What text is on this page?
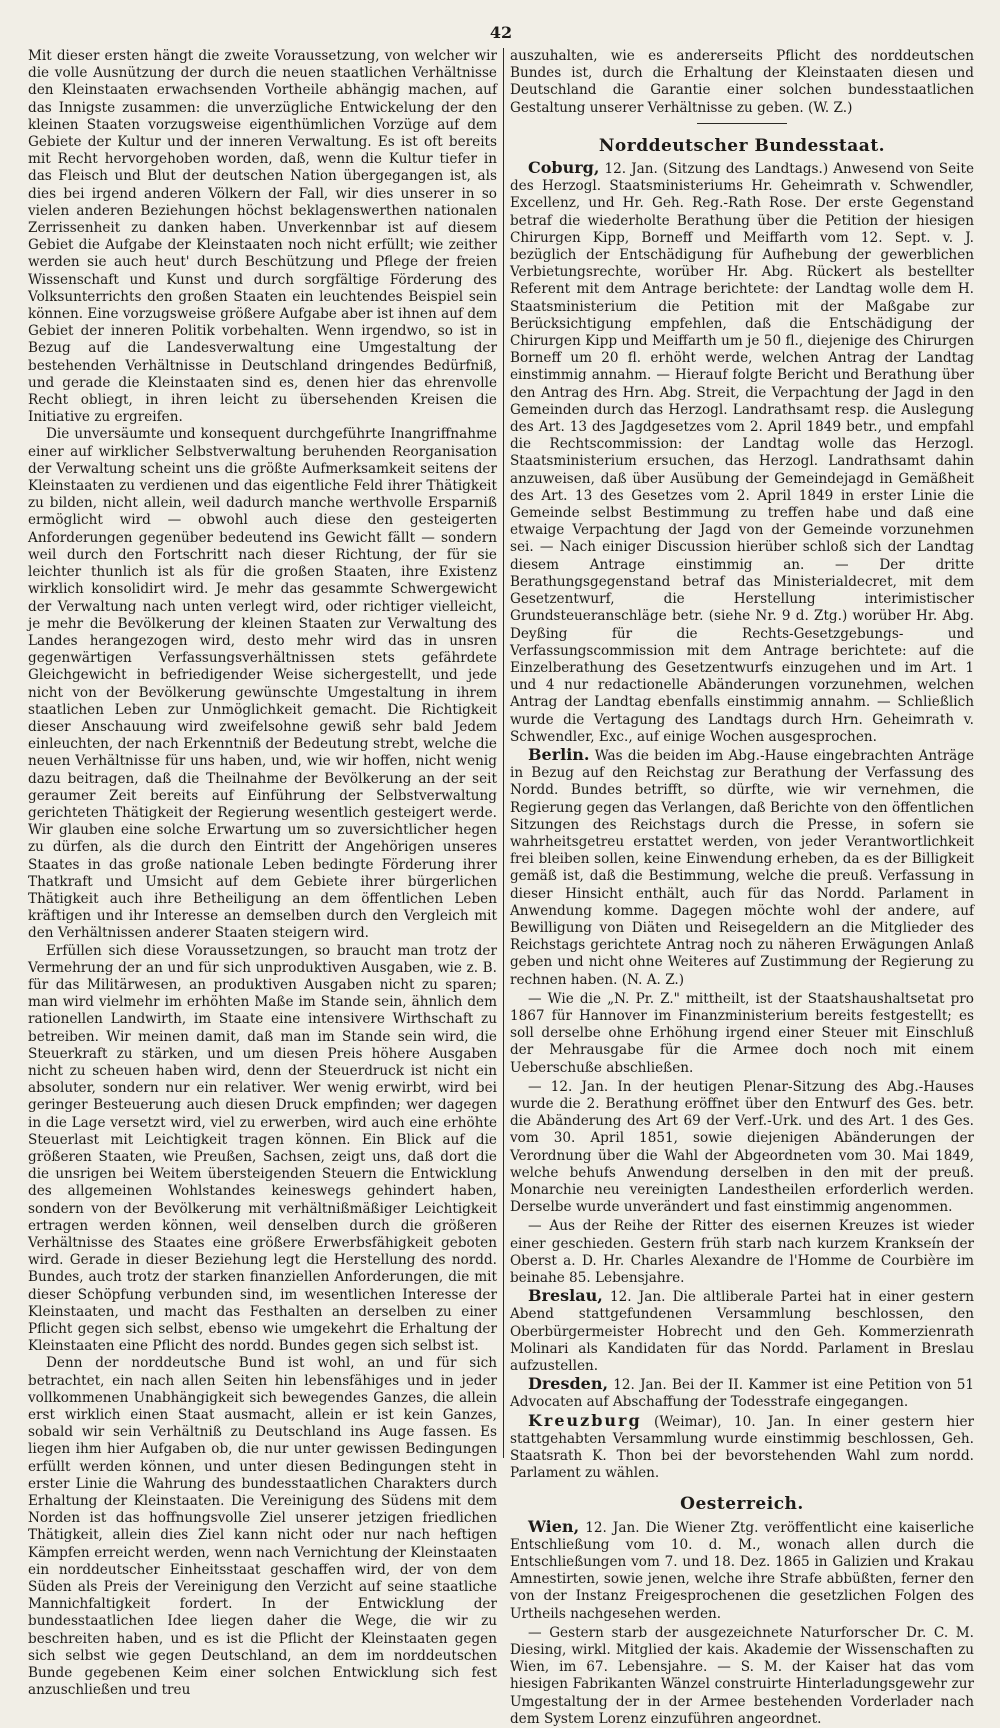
42

Mit dieser ersten hängt die zweite Voraussetzung, von welcher wir die volle Ausnützung der durch die neuen staatlichen Verhältnisse den Kleinstaaten erwachsenden Vortheile abhängig machen, auf das Innigste zusammen: die unverzügliche Entwickelung der den kleinen Staaten vorzugsweise eigenthümlichen Vorzüge auf dem Gebiete der Kultur und der inneren Verwaltung. Es ist oft bereits mit Recht hervorgehoben worden, daß, wenn die Kultur tiefer in das Fleisch und Blut der deutschen Nation übergegangen ist, als dies bei irgend anderen Völkern der Fall, wir dies unserer in so vielen anderen Beziehungen höchst beklagenswerthen nationalen Zerrissenheit zu danken haben. Unverkennbar ist auf diesem Gebiet die Aufgabe der Kleinstaaten noch nicht erfüllt; wie zeither werden sie auch heut' durch Beschützung und Pflege der freien Wissenschaft und Kunst und durch sorgfältige Förderung des Volksunterrichts den großen Staaten ein leuchtendes Beispiel sein können. Eine vorzugsweise größere Aufgabe aber ist ihnen auf dem Gebiet der inneren Politik vorbehalten. Wenn irgendwo, so ist in Bezug auf die Landesverwaltung eine Umgestaltung der bestehenden Verhältnisse in Deutschland dringendes Bedürfniß, und gerade die Kleinstaaten sind es, denen hier das ehrenvolle Recht obliegt, in ihren leicht zu übersehenden Kreisen die Initiative zu ergreifen.

Die unversäumte und konsequent durchgeführte Inangriffnahme einer auf wirklicher Selbstverwaltung beruhenden Reorganisation der Verwaltung scheint uns die größte Aufmerksamkeit seitens der Kleinstaaten zu verdienen und das eigentliche Feld ihrer Thätigkeit zu bilden, nicht allein, weil dadurch manche werthvolle Ersparniß ermöglicht wird — obwohl auch diese den gesteigerten Anforderungen gegenüber bedeutend ins Gewicht fällt — sondern weil durch den Fortschritt nach dieser Richtung, der für sie leichter thunlich ist als für die großen Staaten, ihre Existenz wirklich konsolidirt wird. Je mehr das gesammte Schwergewicht der Verwaltung nach unten verlegt wird, oder richtiger vielleicht, je mehr die Bevölkerung der kleinen Staaten zur Verwaltung des Landes herangezogen wird, desto mehr wird das in unsren gegenwärtigen Verfassungsverhältnissen stets gefährdete Gleichgewicht in befriedigender Weise sichergestellt, und jede nicht von der Bevölkerung gewünschte Umgestaltung in ihrem staatlichen Leben zur Unmöglichkeit gemacht. Die Richtigkeit dieser Anschauung wird zweifelsohne gewiß sehr bald Jedem einleuchten, der nach Erkenntniß der Bedeutung strebt, welche die neuen Verhältnisse für uns haben, und, wie wir hoffen, nicht wenig dazu beitragen, daß die Theilnahme der Bevölkerung an der seit geraumer Zeit bereits auf Einführung der Selbstverwaltung gerichteten Thätigkeit der Regierung wesentlich gesteigert werde. Wir glauben eine solche Erwartung um so zuversichtlicher hegen zu dürfen, als die durch den Eintritt der Angehörigen unseres Staates in das große nationale Leben bedingte Förderung ihrer Thatkraft und Umsicht auf dem Gebiete ihrer bürgerlichen Thätigkeit auch ihre Betheiligung an dem öffentlichen Leben kräftigen und ihr Interesse an demselben durch den Vergleich mit den Verhältnissen anderer Staaten steigern wird.

Erfüllen sich diese Voraussetzungen, so braucht man trotz der Vermehrung der an und für sich unproduktiven Ausgaben, wie z. B. für das Militärwesen, an produktiven Ausgaben nicht zu sparen; man wird vielmehr im erhöhten Maße im Stande sein, ähnlich dem rationellen Landwirth, im Staate eine intensivere Wirthschaft zu betreiben. Wir meinen damit, daß man im Stande sein wird, die Steuerkraft zu stärken, und um diesen Preis höhere Ausgaben nicht zu scheuen haben wird, denn der Steuerdruck ist nicht ein absoluter, sondern nur ein relativer. Wer wenig erwirbt, wird bei geringer Besteuerung auch diesen Druck empfinden; wer dagegen in die Lage versetzt wird, viel zu erwerben, wird auch eine erhöhte Steuerlast mit Leichtigkeit tragen können. Ein Blick auf die größeren Staaten, wie Preußen, Sachsen, zeigt uns, daß dort die die unsrigen bei Weitem übersteigenden Steuern die Entwicklung des allgemeinen Wohlstandes keineswegs gehindert haben, sondern von der Bevölkerung mit verhältnißmäßiger Leichtigkeit ertragen werden können, weil denselben durch die größeren Verhältnisse des Staates eine größere Erwerbsfähigkeit geboten wird. Gerade in dieser Beziehung legt die Herstellung des nordd. Bundes, auch trotz der starken finanziellen Anforderungen, die mit dieser Schöpfung verbunden sind, im wesentlichen Interesse der Kleinstaaten, und macht das Festhalten an derselben zu einer Pflicht gegen sich selbst, ebenso wie umgekehrt die Erhaltung der Kleinstaaten eine Pflicht des nordd. Bundes gegen sich selbst ist.

Denn der norddeutsche Bund ist wohl, an und für sich betrachtet, ein nach allen Seiten hin lebensfähiges und in jeder vollkommenen Unabhängigkeit sich bewegendes Ganzes, die allein erst wirklich einen Staat ausmacht, allein er ist kein Ganzes, sobald wir sein Verhältniß zu Deutschland ins Auge fassen. Es liegen ihm hier Aufgaben ob, die nur unter gewissen Bedingungen erfüllt werden können, und unter diesen Bedingungen steht in erster Linie die Wahrung des bundesstaatlichen Charakters durch Erhaltung der Kleinstaaten. Die Vereinigung des Südens mit dem Norden ist das hoffnungsvolle Ziel unserer jetzigen friedlichen Thätigkeit, allein dies Ziel kann nicht oder nur nach heftigen Kämpfen erreicht werden, wenn nach Vernichtung der Kleinstaaten ein norddeutscher Einheitsstaat geschaffen wird, der von dem Süden als Preis der Vereinigung den Verzicht auf seine staatliche Mannichfaltigkeit fordert. In der Entwicklung der bundesstaatlichen Idee liegen daher die Wege, die wir zu beschreiten haben, und es ist die Pflicht der Kleinstaaten gegen sich selbst wie gegen Deutschland, an dem im norddeutschen Bunde gegebenen Keim einer solchen Entwicklung sich fest anzuschließen und treu

auszuhalten, wie es andererseits Pflicht des norddeutschen Bundes ist, durch die Erhaltung der Kleinstaaten diesen und Deutschland die Garantie einer solchen bundesstaatlichen Gestaltung unserer Verhältnisse zu geben. (W. Z.)

Norddeutscher Bundesstaat.

Coburg, 12. Jan. (Sitzung des Landtags.) Anwesend von Seite des Herzogl. Staatsministeriums Hr. Geheimrath v. Schwendler, Excellenz, und Hr. Geh. Reg.-Rath Rose. Der erste Gegenstand betraf die wiederholte Berathung über die Petition der hiesigen Chirurgen Kipp, Borneff und Meiffarth vom 12. Sept. v. J. bezüglich der Entschädigung für Aufhebung der gewerblichen Verbietungsrechte, worüber Hr. Abg. Rückert als bestellter Referent mit dem Antrage berichtete: der Landtag wolle dem H. Staatsministerium die Petition mit der Maßgabe zur Berücksichtigung empfehlen, daß die Entschädigung der Chirurgen Kipp und Meiffarth um je 50 fl., diejenige des Chirurgen Borneff um 20 fl. erhöht werde, welchen Antrag der Landtag einstimmig annahm. — Hierauf folgte Bericht und Berathung über den Antrag des Hrn. Abg. Streit, die Verpachtung der Jagd in den Gemeinden durch das Herzogl. Landrathsamt resp. die Auslegung des Art. 13 des Jagdgesetzes vom 2. April 1849 betr., und empfahl die Rechtscommission: der Landtag wolle das Herzogl. Staatsministerium ersuchen, das Herzogl. Landrathsamt dahin anzuweisen, daß über Ausübung der Gemeindejagd in Gemäßheit des Art. 13 des Gesetzes vom 2. April 1849 in erster Linie die Gemeinde selbst Bestimmung zu treffen habe und daß eine etwaige Verpachtung der Jagd von der Gemeinde vorzunehmen sei. — Nach einiger Discussion hierüber schloß sich der Landtag diesem Antrage einstimmig an. — Der dritte Berathungsgegenstand betraf das Ministerialdecret, mit dem Gesetzentwurf, die Herstellung interimistischer Grundsteueranschläge betr. (siehe Nr. 9 d. Ztg.) worüber Hr. Abg. Deyßing für die Rechts-Gesetzgebungs- und Verfassungscommission mit dem Antrage berichtete: auf die Einzelberathung des Gesetzentwurfs einzugehen und im Art. 1 und 4 nur redactionelle Abänderungen vorzunehmen, welchen Antrag der Landtag ebenfalls einstimmig annahm. — Schließlich wurde die Vertagung des Landtags durch Hrn. Geheimrath v. Schwendler, Exc., auf einige Wochen ausgesprochen.

Berlin. Was die beiden im Abg.-Hause eingebrachten Anträge in Bezug auf den Reichstag zur Berathung der Verfassung des Nordd. Bundes betrifft, so dürfte, wie wir vernehmen, die Regierung gegen das Verlangen, daß Berichte von den öffentlichen Sitzungen des Reichstags durch die Presse, in sofern sie wahrheitsgetreu erstattet werden, von jeder Verantwortlichkeit frei bleiben sollen, keine Einwendung erheben, da es der Billigkeit gemäß ist, daß die Bestimmung, welche die preuß. Verfassung in dieser Hinsicht enthält, auch für das Nordd. Parlament in Anwendung komme. Dagegen möchte wohl der andere, auf Bewilligung von Diäten und Reisegeldern an die Mitglieder des Reichstags gerichtete Antrag noch zu näheren Erwägungen Anlaß geben und nicht ohne Weiteres auf Zustimmung der Regierung zu rechnen haben. (N. A. Z.)

— Wie die „N. Pr. Z." mittheilt, ist der Staatshaushaltsetat pro 1867 für Hannover im Finanzministerium bereits festgestellt; es soll derselbe ohne Erhöhung irgend einer Steuer mit Einschluß der Mehrausgabe für die Armee doch noch mit einem Ueberschuße abschließen.

— 12. Jan. In der heutigen Plenar-Sitzung des Abg.-Hauses wurde die 2. Berathung eröffnet über den Entwurf des Ges. betr. die Abänderung des Art 69 der Verf.-Urk. und des Art. 1 des Ges. vom 30. April 1851, sowie diejenigen Abänderungen der Verordnung über die Wahl der Abgeordneten vom 30. Mai 1849, welche behufs Anwendung derselben in den mit der preuß. Monarchie neu vereinigten Landestheilen erforderlich werden. Derselbe wurde unverändert und fast einstimmig angenommen.

— Aus der Reihe der Ritter des eisernen Kreuzes ist wieder einer geschieden. Gestern früh starb nach kurzem Krankseín der Oberst a. D. Hr. Charles Alexandre de l'Homme de Courbière im beinahe 85. Lebensjahre.

Breslau, 12. Jan. Die altliberale Partei hat in einer gestern Abend stattgefundenen Versammlung beschlossen, den Oberbürgermeister Hobrecht und den Geh. Kommerzienrath Molinari als Kandidaten für das Nordd. Parlament in Breslau aufzustellen.

Dresden, 12. Jan. Bei der II. Kammer ist eine Petition von 51 Advocaten auf Abschaffung der Todesstrafe eingegangen.

Kreuzburg (Weimar), 10. Jan. In einer gestern hier stattgehabten Versammlung wurde einstimmig beschlossen, Geh. Staatsrath K. Thon bei der bevorstehenden Wahl zum nordd. Parlament zu wählen.

Oesterreich.

Wien, 12. Jan. Die Wiener Ztg. veröffentlicht eine kaiserliche Entschließung vom 10. d. M., wonach allen durch die Entschließungen vom 7. und 18. Dez. 1865 in Galizien und Krakau Amnestirten, sowie jenen, welche ihre Strafe abbüßten, ferner den von der Instanz Freigesprochenen die gesetzlichen Folgen des Urtheils nachgesehen werden.

— Gestern starb der ausgezeichnete Naturforscher Dr. C. M. Diesing, wirkl. Mitglied der kais. Akademie der Wissenschaften zu Wien, im 67. Lebensjahre. — S. M. der Kaiser hat das vom hiesigen Fabrikanten Wänzel construirte Hinterladungsgewehr zur Umgestaltung der in der Armee bestehenden Vorderlader nach dem System Lorenz einzuführen angeordnet.
